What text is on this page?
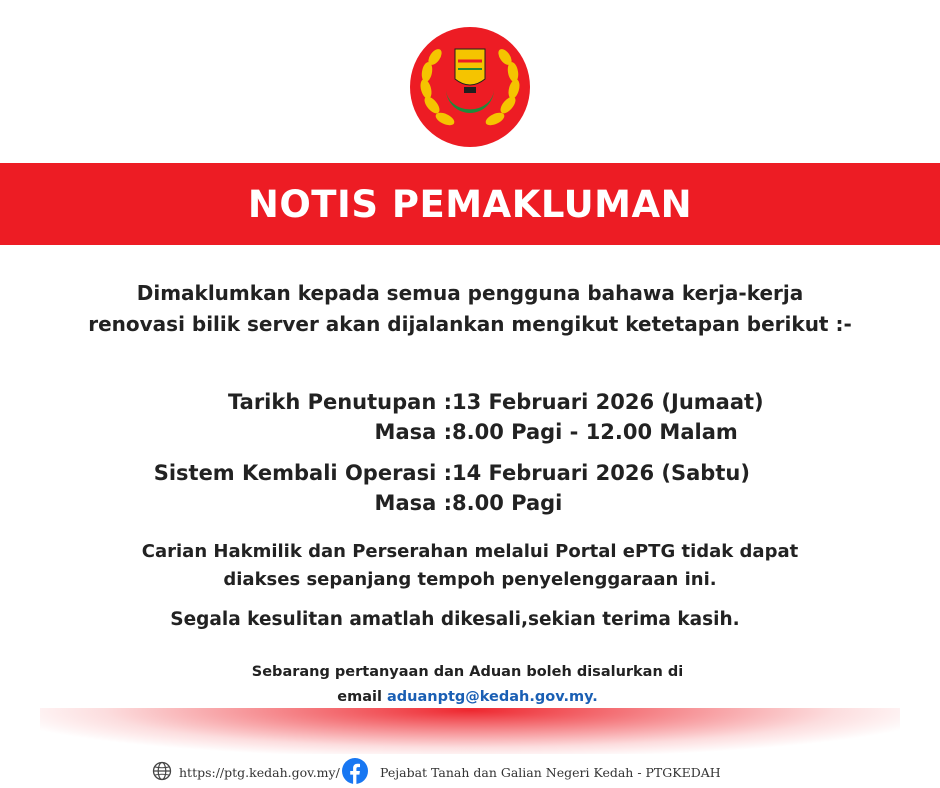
NOTIS PEMAKLUMAN
Dimaklumkan kepada semua pengguna bahawa kerja-kerja
renovasi bilik server akan dijalankan mengikut ketetapan berikut :-
Tarikh Penutupan : 13 Februari 2026 (Jumaat)
Masa : 8.00 Pagi - 12.00 Malam
Sistem Kembali Operasi : 14 Februari 2026 (Sabtu)
Masa : 8.00 Pagi
Carian Hakmilik dan Perserahan melalui Portal ePTG tidak dapat
diakses sepanjang tempoh penyelenggaraan ini.
Segala kesulitan amatlah dikesali,sekian terima kasih.
Sebarang pertanyaan dan Aduan boleh disalurkan di
email aduanptg@kedah.gov.my.
https://ptg.kedah.gov.my/	Pejabat Tanah dan Galian Negeri Kedah - PTGKEDAH
